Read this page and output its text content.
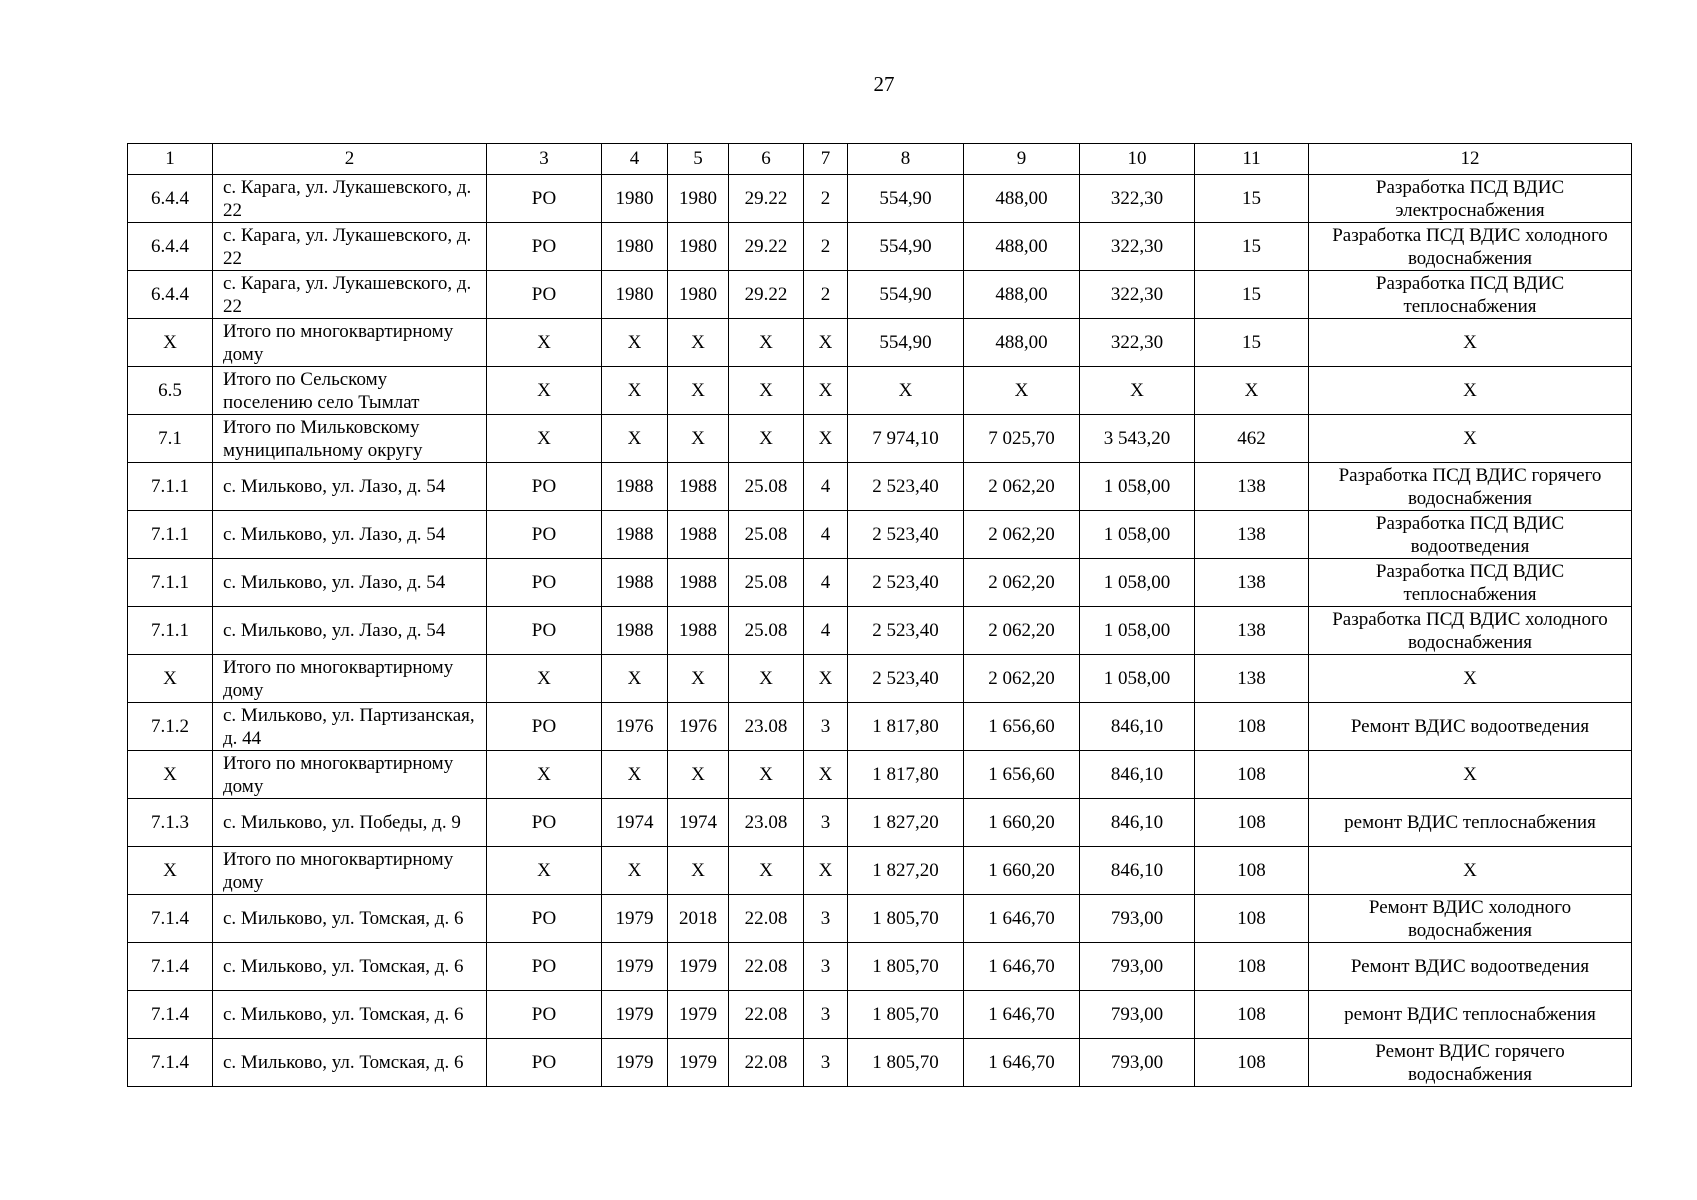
27
1	2	3	4	5	6	7	8	9	10	11	12
6.4.4	с. Карага, ул. Лукашевского, д. 22	РО	1980	1980	29.22	2	554,90	488,00	322,30	15	Разработка ПСД ВДИС электроснабжения
6.4.4	с. Карага, ул. Лукашевского, д. 22	РО	1980	1980	29.22	2	554,90	488,00	322,30	15	Разработка ПСД ВДИС холодного водоснабжения
6.4.4	с. Карага, ул. Лукашевского, д. 22	РО	1980	1980	29.22	2	554,90	488,00	322,30	15	Разработка ПСД ВДИС теплоснабжения
Х	Итого по многоквартирному дому	Х	Х	Х	Х	Х	554,90	488,00	322,30	15	Х
6.5	Итого по Сельскому поселению село Тымлат	Х	Х	Х	Х	Х	Х	Х	Х	Х	Х
7.1	Итого по Мильковскому муниципальному округу	Х	Х	Х	Х	Х	7 974,10	7 025,70	3 543,20	462	Х
7.1.1	с. Мильково, ул. Лазо, д. 54	РО	1988	1988	25.08	4	2 523,40	2 062,20	1 058,00	138	Разработка ПСД ВДИС горячего водоснабжения
7.1.1	с. Мильково, ул. Лазо, д. 54	РО	1988	1988	25.08	4	2 523,40	2 062,20	1 058,00	138	Разработка ПСД ВДИС водоотведения
7.1.1	с. Мильково, ул. Лазо, д. 54	РО	1988	1988	25.08	4	2 523,40	2 062,20	1 058,00	138	Разработка ПСД ВДИС теплоснабжения
7.1.1	с. Мильково, ул. Лазо, д. 54	РО	1988	1988	25.08	4	2 523,40	2 062,20	1 058,00	138	Разработка ПСД ВДИС холодного водоснабжения
Х	Итого по многоквартирному дому	Х	Х	Х	Х	Х	2 523,40	2 062,20	1 058,00	138	Х
7.1.2	с. Мильково, ул. Партизанская, д. 44	РО	1976	1976	23.08	3	1 817,80	1 656,60	846,10	108	Ремонт ВДИС водоотведения
Х	Итого по многоквартирному дому	Х	Х	Х	Х	Х	1 817,80	1 656,60	846,10	108	Х
7.1.3	с. Мильково, ул. Победы, д. 9	РО	1974	1974	23.08	3	1 827,20	1 660,20	846,10	108	ремонт ВДИС теплоснабжения
Х	Итого по многоквартирному дому	Х	Х	Х	Х	Х	1 827,20	1 660,20	846,10	108	Х
7.1.4	с. Мильково, ул. Томская, д. 6	РО	1979	2018	22.08	3	1 805,70	1 646,70	793,00	108	Ремонт ВДИС холодного водоснабжения
7.1.4	с. Мильково, ул. Томская, д. 6	РО	1979	1979	22.08	3	1 805,70	1 646,70	793,00	108	Ремонт ВДИС водоотведения
7.1.4	с. Мильково, ул. Томская, д. 6	РО	1979	1979	22.08	3	1 805,70	1 646,70	793,00	108	ремонт ВДИС теплоснабжения
7.1.4	с. Мильково, ул. Томская, д. 6	РО	1979	1979	22.08	3	1 805,70	1 646,70	793,00	108	Ремонт ВДИС горячего водоснабжения
